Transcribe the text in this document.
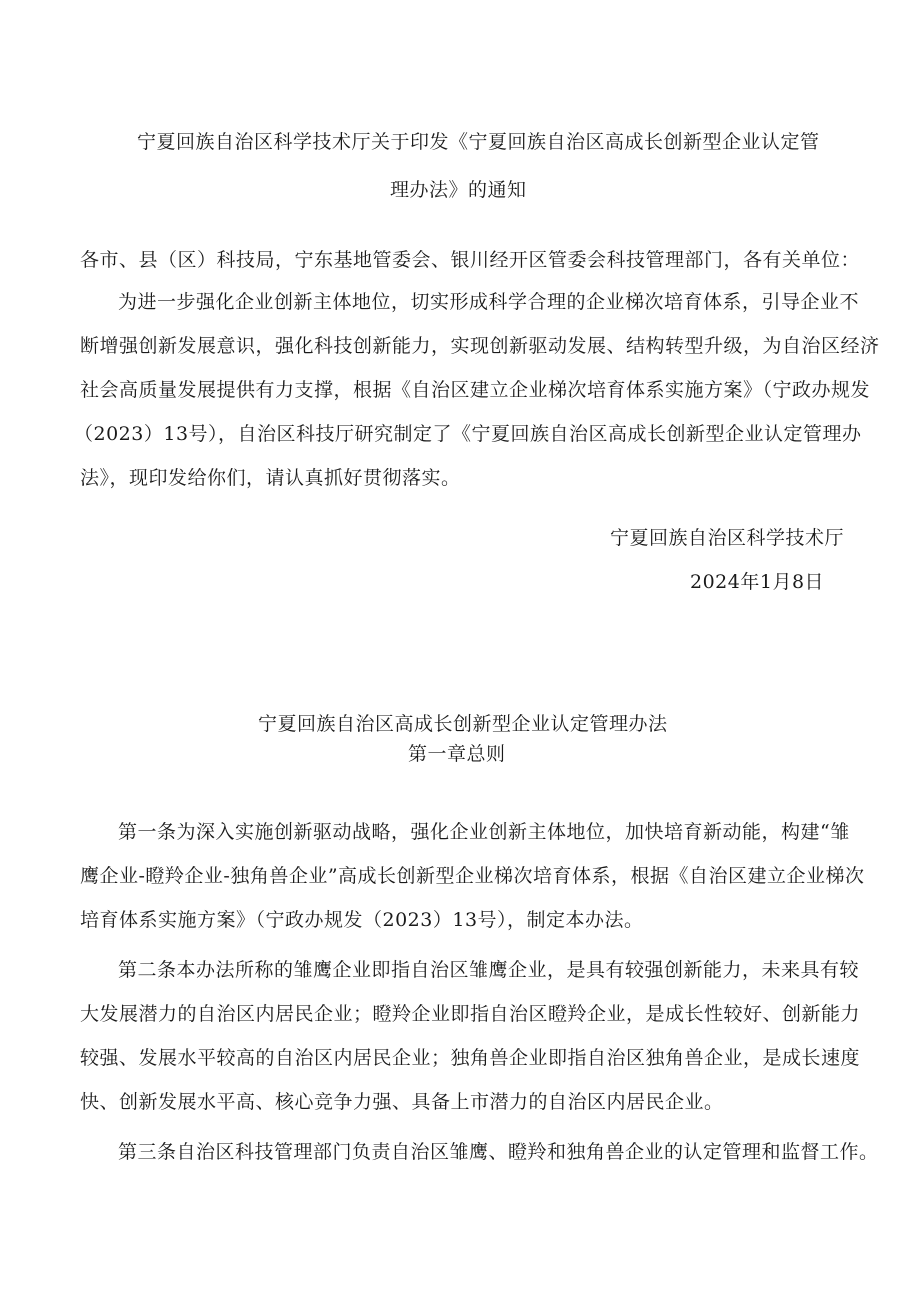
宁夏回族自治区科学技术厅关于印发《宁夏回族自治区高成长创新型企业认定管
理办法》的通知
各市、县（区）科技局，宁东基地管委会、银川经开区管委会科技管理部门，各有关单位：
为进一步强化企业创新主体地位，切实形成科学合理的企业梯次培育体系，引导企业不
断增强创新发展意识，强化科技创新能力，实现创新驱动发展、结构转型升级，为自治区经济
社会高质量发展提供有力支撑，根据《自治区建立企业梯次培育体系实施方案》（宁政办规发
（2023）13号），自治区科技厅研究制定了《宁夏回族自治区高成长创新型企业认定管理办
法》，现印发给你们，请认真抓好贯彻落实。
宁夏回族自治区科学技术厅
2024年1月8日
宁夏回族自治区高成长创新型企业认定管理办法
第一章总则
第一条为深入实施创新驱动战略，强化企业创新主体地位，加快培育新动能，构建“雏
鹰企业-瞪羚企业-独角兽企业”高成长创新型企业梯次培育体系，根据《自治区建立企业梯次
培育体系实施方案》（宁政办规发（2023）13号），制定本办法。
第二条本办法所称的雏鹰企业即指自治区雏鹰企业，是具有较强创新能力，未来具有较
大发展潜力的自治区内居民企业；瞪羚企业即指自治区瞪羚企业，是成长性较好、创新能力
较强、发展水平较高的自治区内居民企业；独角兽企业即指自治区独角兽企业，是成长速度
快、创新发展水平高、核心竞争力强、具备上市潜力的自治区内居民企业。
第三条自治区科技管理部门负责自治区雏鹰、瞪羚和独角兽企业的认定管理和监督工作。
